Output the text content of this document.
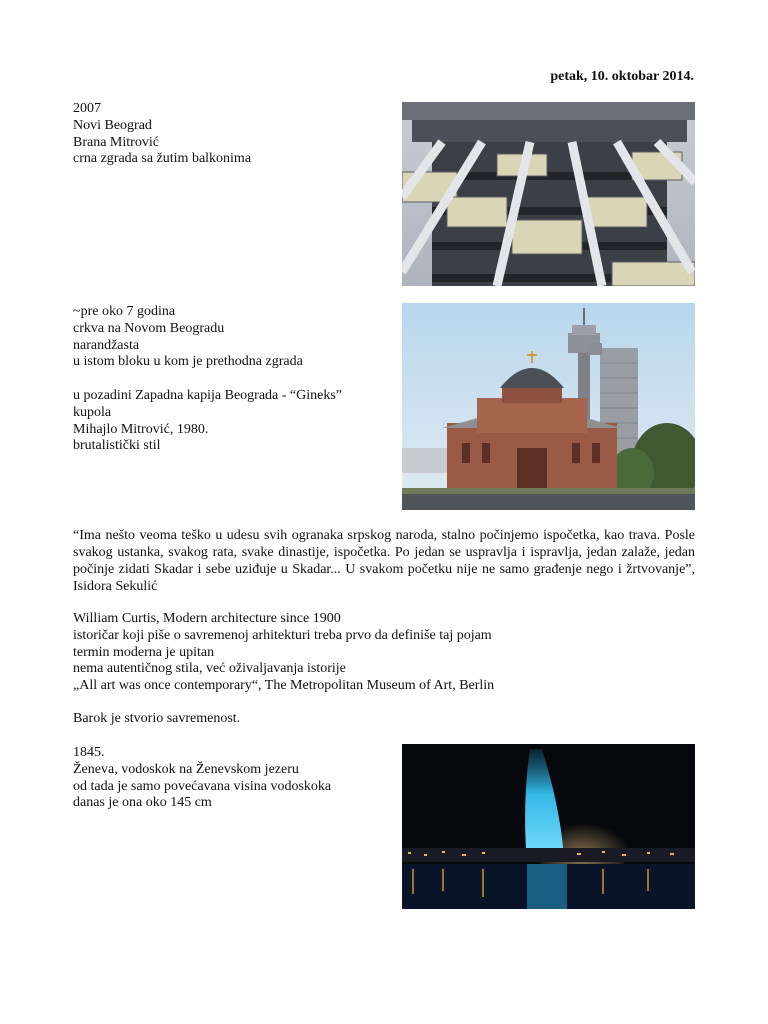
petak, 10. oktobar 2014.
2007
Novi Beograd
Brana Mitrović
crna zgrada sa žutim balkonima
~pre oko 7 godina
crkva na Novom Beogradu
narandžasta
u istom bloku u kom je prethodna zgrada
u pozadini Zapadna kapija Beograda - “Gineks”
kupola
Mihajlo Mitrović, 1980.
brutalistički stil
“Ima nešto veoma teško u udesu svih ogranaka srpskog naroda, stalno počinjemo ispočetka, kao trava. Posle svakog ustanka, svakog rata, svake dinastije, ispočetka. Po jedan se uspravlja i ispravlja, jedan zalaže, jedan počinje zidati Skadar i sebe uziđuje u Skadar... U svakom početku nije ne samo građenje nego i žrtvovanje”, Isidora Sekulić
William Curtis, Modern architecture since 1900
istoričar koji piše o savremenoj arhitekturi treba prvo da definiše taj pojam
termin moderna je upitan
nema autentičnog stila, već oživaljavanja istorije
„All art was once contemporary“, The Metropolitan Museum of Art, Berlin
Barok je stvorio savremenost.
1845.
Ženeva, vodoskok na Ženevskom jezeru
od tada je samo povećavana visina vodoskoka
danas je ona oko 145 cm
